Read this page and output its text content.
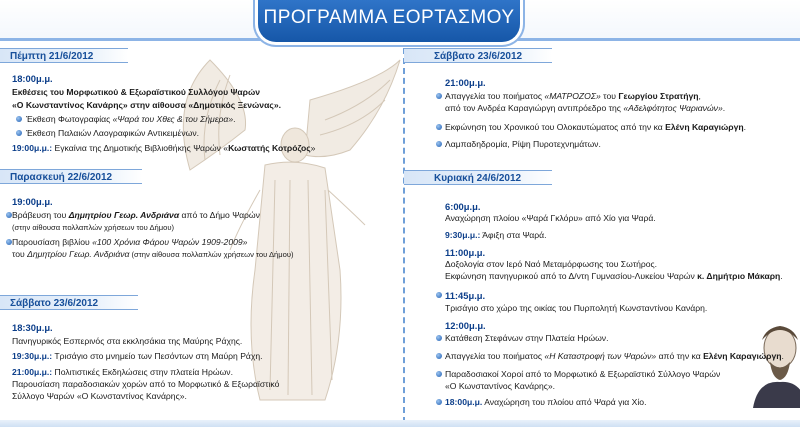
ΠΡΟΓΡΑΜΜΑ ΕΟΡΤΑΣΜΟΥ
Πέμπτη 21/6/2012
18:00μ.μ.
Εκθέσεις του Μορφωτικού & Εξωραϊστικού Συλλόγου Ψαρών
«Ο Κωνσταντίνος Κανάρης» στην αίθουσα «Δημοτικός Ξενώνας».
Έκθεση Φωτογραφίας «Ψαρά του Χθες & του Σήμερα».
Έκθεση Παλαιών Λαογραφικών Αντικειμένων.
19:00μ.μ.: Εγκαίνια της Δημοτικής Βιβλιοθήκης Ψαρών «Κωστατής Κοτρόζος»
Παρασκευή 22/6/2012
19:00μ.μ.
Βράβευση του Δημητρίου Γεωρ. Ανδριάνα από το Δήμο Ψαρών
(στην αίθουσα πολλαπλών χρήσεων του Δήμου)
Παρουσίαση βιβλίου «100 Χρόνια Φάρου Ψαρών 1909-2009»
του Δημητρίου Γεωρ. Ανδριάνα (στην αίθουσα πολλαπλών χρήσεων του Δήμου)
Σάββατο 23/6/2012
18:30μ.μ.
Πανηγυρικός Εσπερινός στα εκκλησάκια της Μαύρης Ράχης.
19:30μ.μ.: Τρισάγιο στο μνημείο των Πεσόντων στη Μαύρη Ράχη.
21:00μ.μ.: Πολιτιστικές Εκδηλώσεις στην πλατεία Ηρώων.
Παρουσίαση παραδοσιακών χορών από το Μορφωτικό & Εξωραϊστικό
Σύλλογο Ψαρών «Ο Κωνσταντίνος Κανάρης».
Σάββατο 23/6/2012
21:00μ.μ.
Απαγγελία του ποιήματος «ΜΑΤΡΟΖΟΣ» του Γεωργίου Στρατήγη,
από τον Ανδρέα Καραγιώργη αντιπρόεδρο της «Αδελφότητος Ψαριανών».
Εκφώνηση του Χρονικού του Ολοκαυτώματος από την κα Ελένη Καραγιώργη.
Λαμπαδηδρομία, Ρίψη Πυροτεχνημάτων.
Κυριακή 24/6/2012
6:00μ.μ.
Αναχώρηση πλοίου «Ψαρά Γκλόρυ» από Χίο για Ψαρά.
9:30μ.μ.: Άφιξη στα Ψαρά.
11:00μ.μ.
Δοξολογία στον Ιερό Ναό Μεταμόρφωσης του Σωτήρος.
Εκφώνηση πανηγυρικού από το Δ/ντη Γυμνασίου-Λυκείου Ψαρών κ. Δημήτριο Μάκαρη.
11:45μ.μ.
Τρισάγιο στο χώρο της οικίας του Πυρπολητή Κωνσταντίνου Κανάρη.
12:00μ.μ.
Κατάθεση Στεφάνων στην Πλατεία Ηρώων.
Απαγγελία του ποιήματος «Η Καταστροφή των Ψαρών» από την κα Ελένη Καραγιώργη.
Παραδοσιακοί Χοροί από το Μορφωτικό & Εξωραϊστικό Σύλλογο Ψαρών
«Ο Κωνσταντίνος Κανάρης».
18:00μ.μ. Αναχώρηση του πλοίου από Ψαρά για Χίο.
